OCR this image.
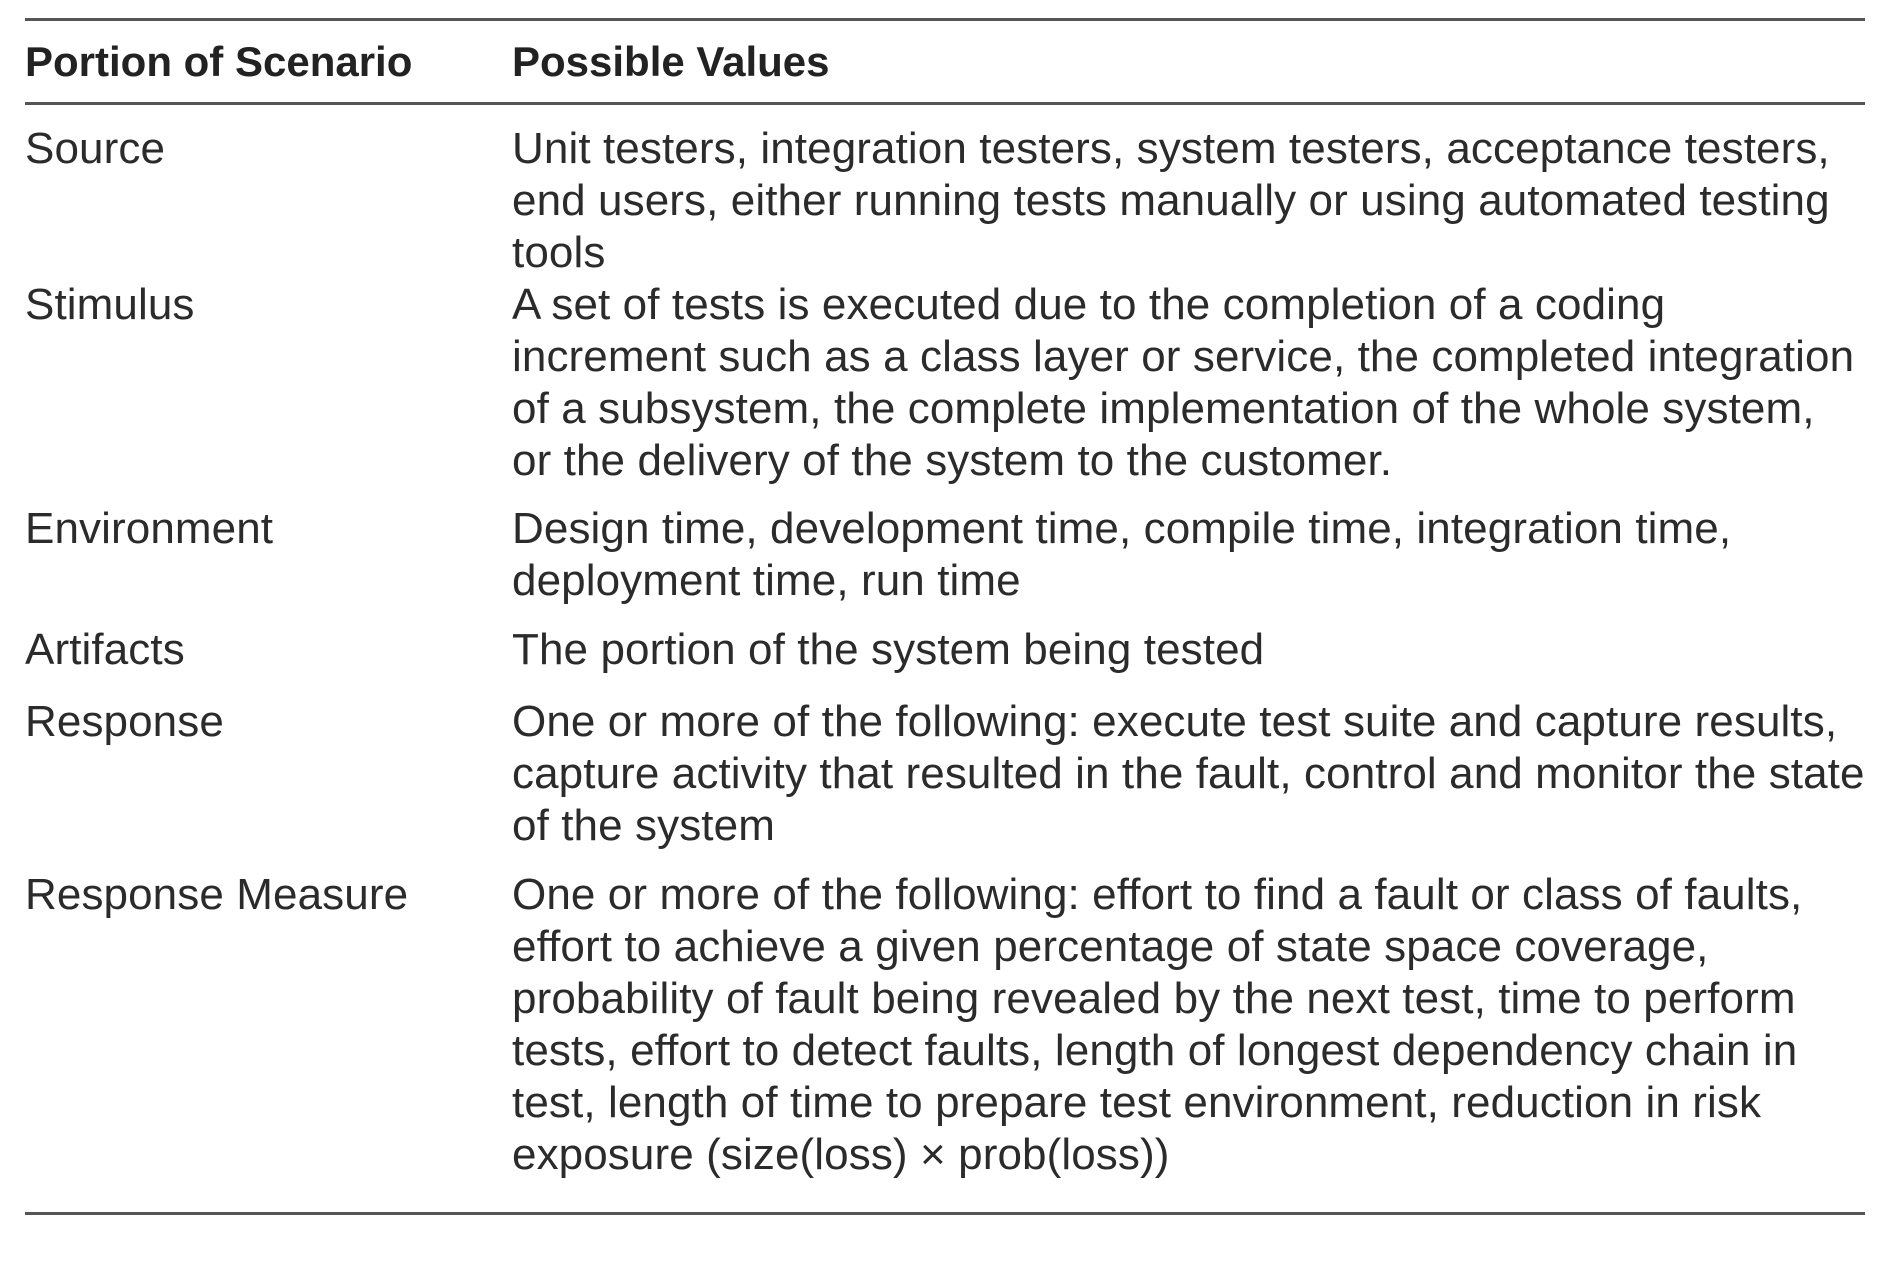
Portion of Scenario	Possible Values
Source	Unit testers, integration testers, system testers, acceptance testers, end users, either running tests manually or using automated testing tools
Stimulus	A set of tests is executed due to the completion of a coding increment such as a class layer or service, the completed integration of a subsystem, the complete implementation of the whole system, or the delivery of the system to the customer.
Environment	Design time, development time, compile time, integration time, deployment time, run time
Artifacts	The portion of the system being tested
Response	One or more of the following: execute test suite and capture results, capture activity that resulted in the fault, control and monitor the state of the system
Response Measure	One or more of the following: effort to find a fault or class of faults, effort to achieve a given percentage of state space coverage, probability of fault being revealed by the next test, time to perform tests, effort to detect faults, length of longest dependency chain in test, length of time to prepare test environment, reduction in risk exposure (size(loss) × prob(loss))
